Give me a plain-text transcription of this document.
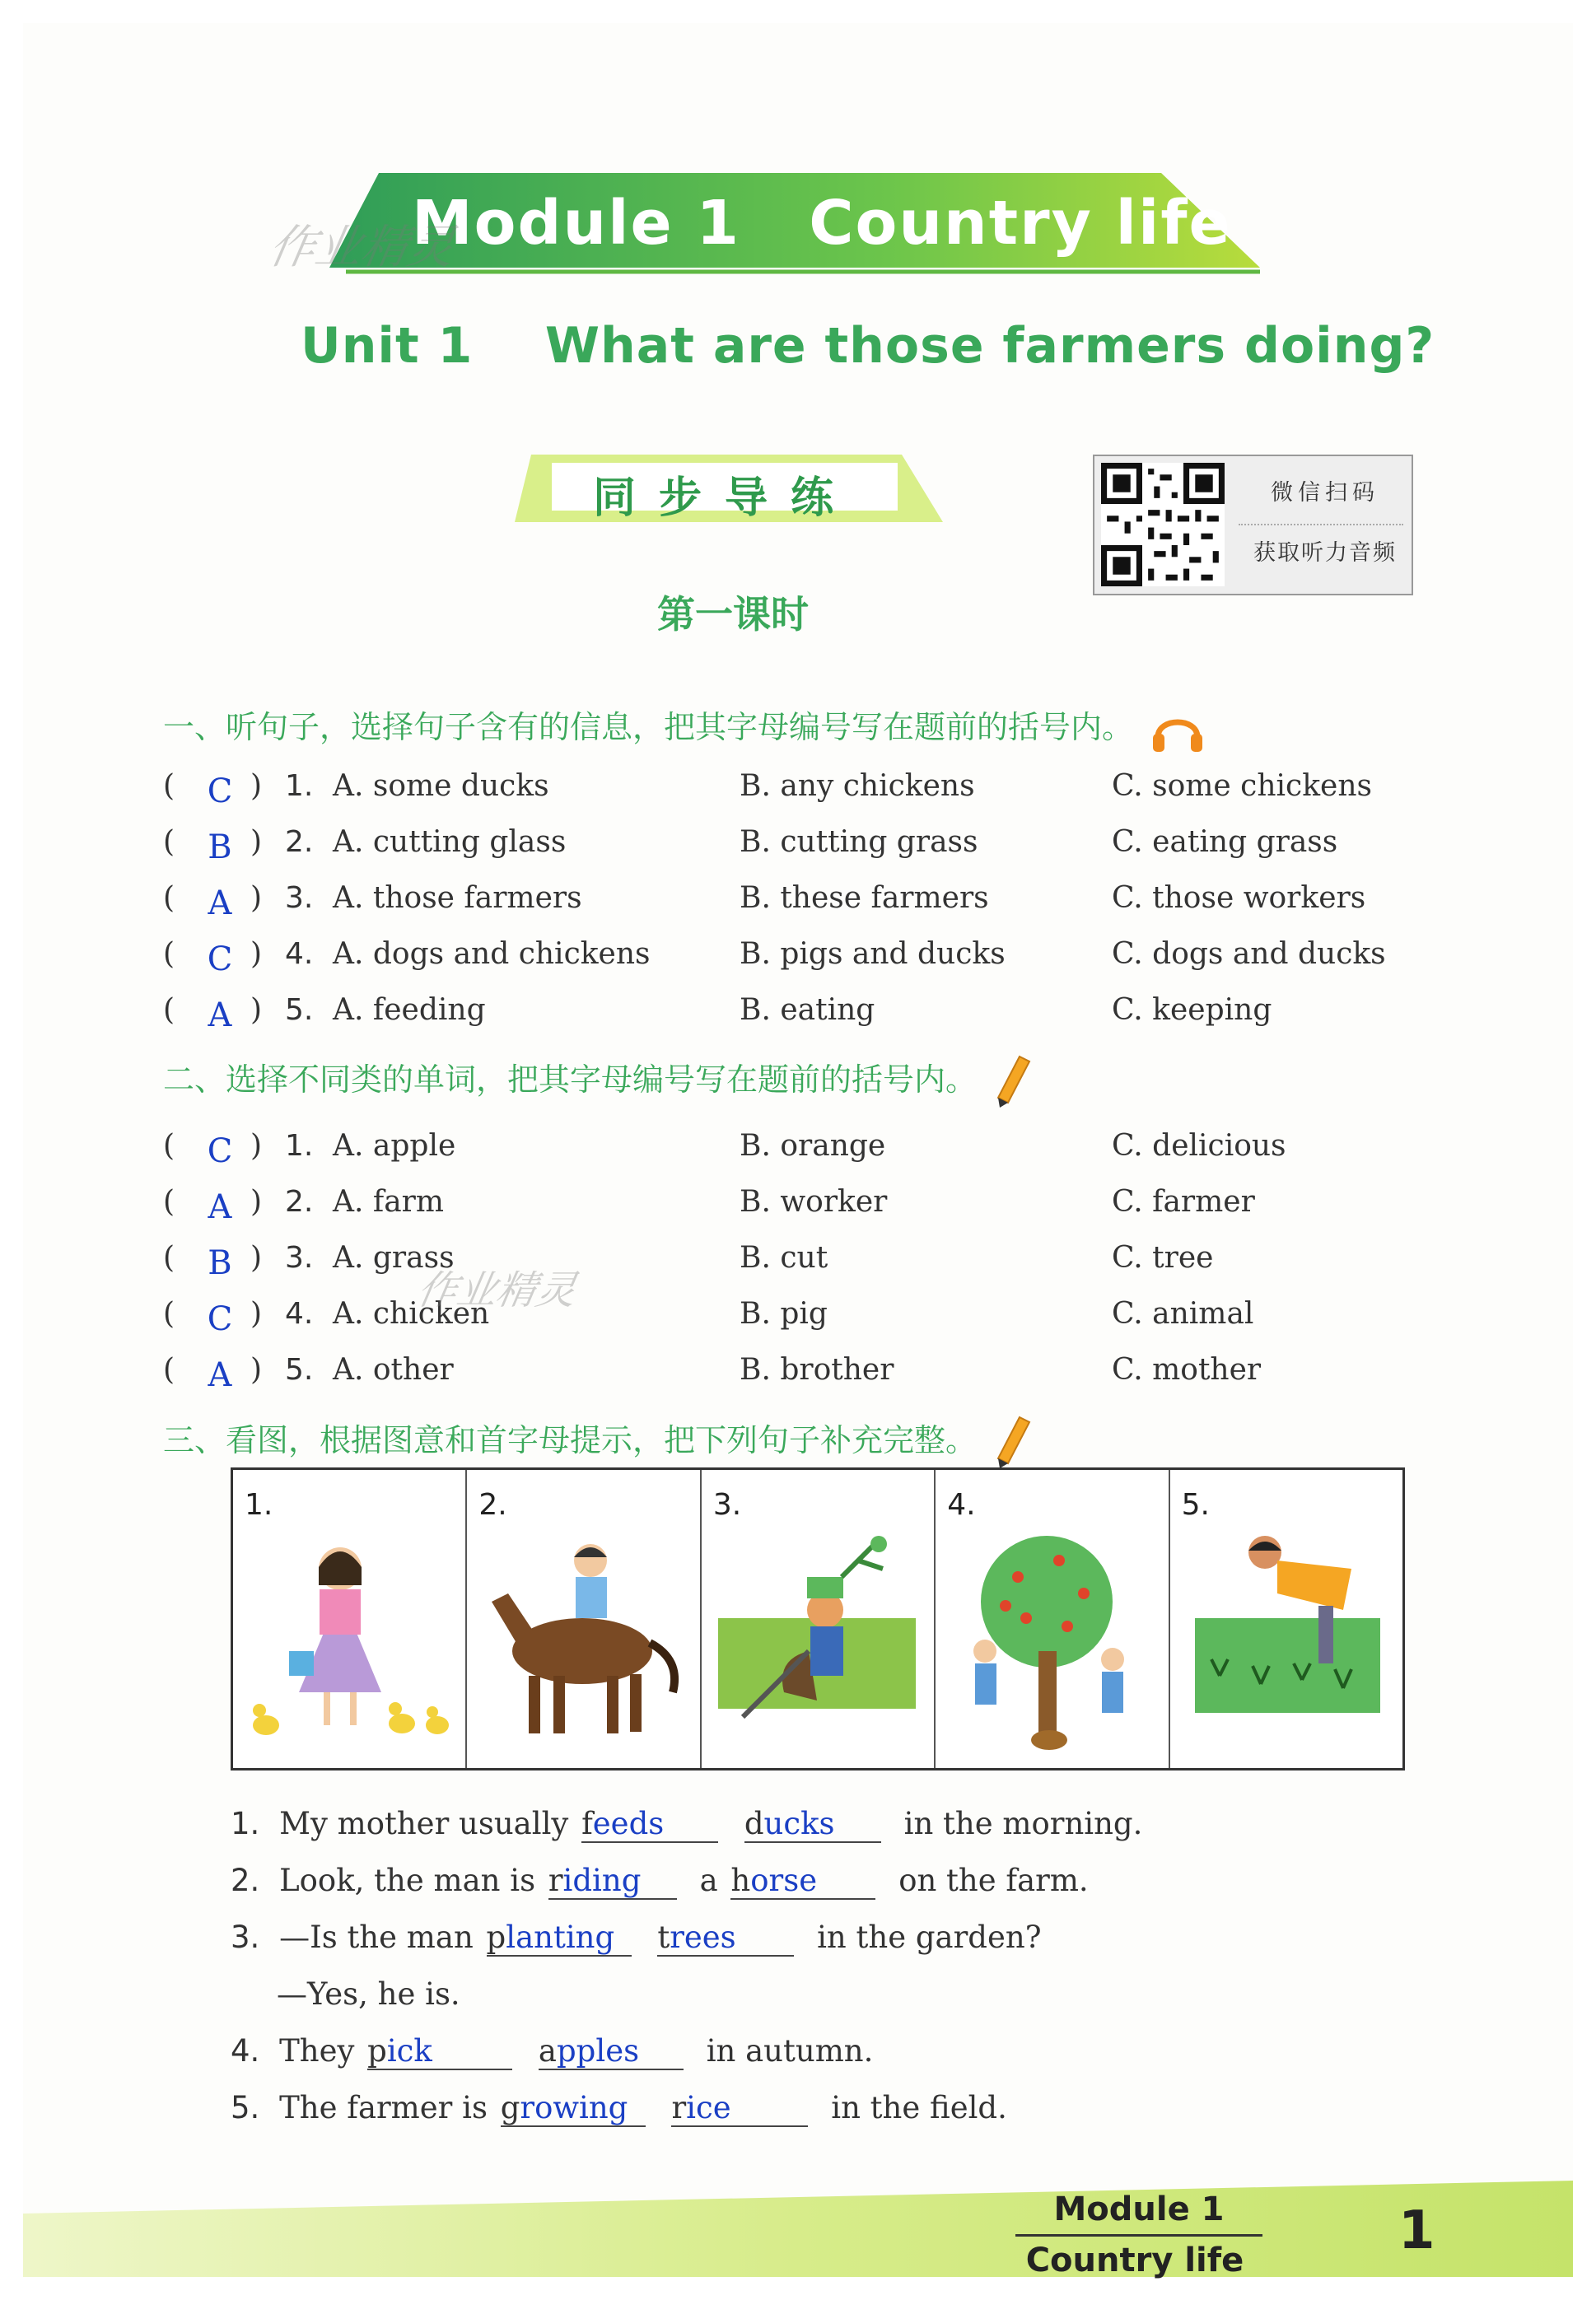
Module 1   Country life
作业精灵
Unit 1    What are those farmers doing?
同步导练	微信扫码
获取听力音频
第一课时
一、听句子，选择句子含有的信息，把其字母编号写在题前的括号内。
( C ) 1. A. some ducks	B. any chickens	C. some chickens
( B ) 2. A. cutting glass	B. cutting grass	C. eating grass
( A ) 3. A. those farmers	B. these farmers	C. those workers
( C ) 4. A. dogs and chickens	B. pigs and ducks	C. dogs and ducks
( A ) 5. A. feeding	B. eating	C. keeping
二、选择不同类的单词，把其字母编号写在题前的括号内。
( C ) 1. A. apple	B. orange	C. delicious
( A ) 2. A. farm	B. worker	C. farmer
( B ) 3. A. grass	B. cut	C. tree
( C ) 4. A. chicken	B. pig	C. animal
( A ) 5. A. other	B. brother	C. mother
作业精灵
三、看图，根据图意和首字母提示，把下列句子补充完整。
1.	2.	3.	4.	5.
1. My mother usually feeds	ducks in the morning.
2. Look, the man is riding a horse	on the farm.
3. —Is the man planting trees	in the garden?
—Yes, he is.
4. They pick	apples in autumn.
5. The farmer is growing rice	in the field.
Module 1
Country life	1
